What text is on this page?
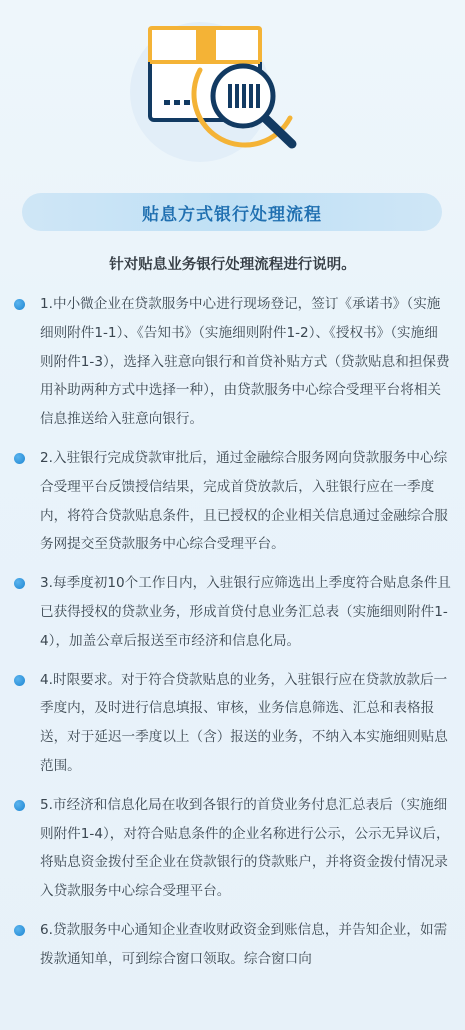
贴息方式银行处理流程
针对贴息业务银行处理流程进行说明。
1.中小微企业在贷款服务中心进行现场登记，签订《承诺书》（实施细则附件1-1）、《告知书》（实施细则附件1-2）、《授权书》（实施细则附件1-3），选择入驻意向银行和首贷补贴方式（贷款贴息和担保费用补助两种方式中选择一种），由贷款服务中心综合受理平台将相关信息推送给入驻意向银行。
2.入驻银行完成贷款审批后，通过金融综合服务网向贷款服务中心综合受理平台反馈授信结果，完成首贷放款后，入驻银行应在一季度内，将符合贷款贴息条件，且已授权的企业相关信息通过金融综合服务网提交至贷款服务中心综合受理平台。
3.每季度初10个工作日内，入驻银行应筛选出上季度符合贴息条件且已获得授权的贷款业务，形成首贷付息业务汇总表（实施细则附件1-4），加盖公章后报送至市经济和信息化局。
4.时限要求。对于符合贷款贴息的业务，入驻银行应在贷款放款后一季度内，及时进行信息填报、审核，业务信息筛选、汇总和表格报送，对于延迟一季度以上（含）报送的业务，不纳入本实施细则贴息范围。
5.市经济和信息化局在收到各银行的首贷业务付息汇总表后（实施细则附件1-4），对符合贴息条件的企业名称进行公示，公示无异议后，将贴息资金拨付至企业在贷款银行的贷款账户，并将资金拨付情况录入贷款服务中心综合受理平台。
6.贷款服务中心通知企业查收财政资金到账信息，并告知企业，如需拨款通知单，可到综合窗口领取。综合窗口向
